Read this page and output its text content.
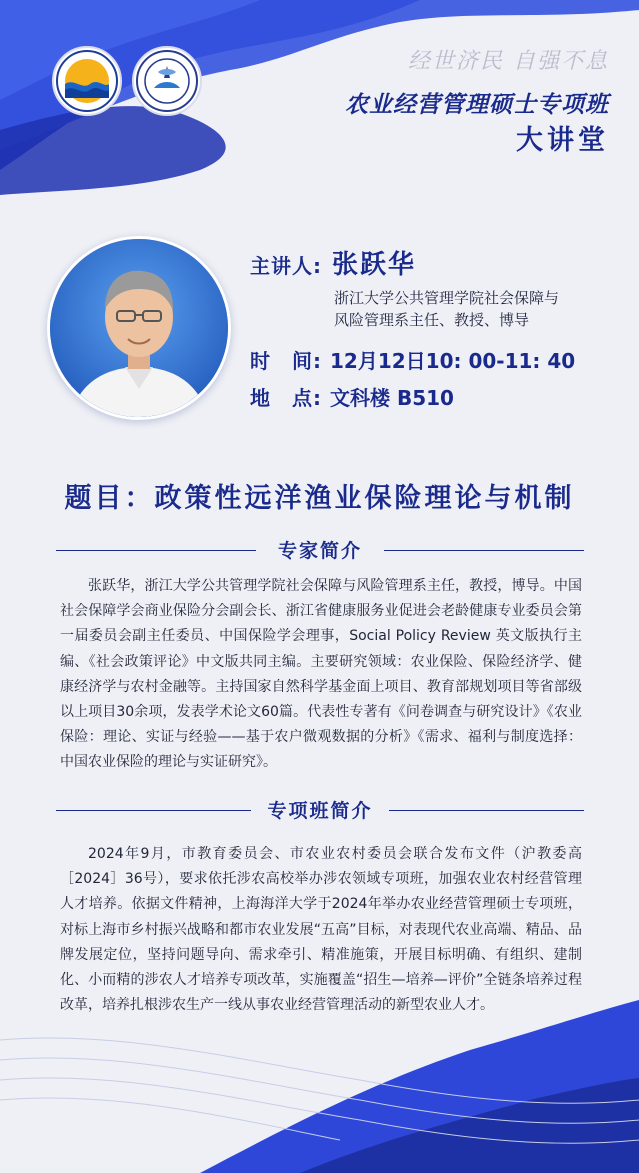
经世济民 自强不息
农业经营管理硕士专项班
大讲堂
主讲人: 张跃华
浙江大学公共管理学院社会保障与
风险管理系主任、教授、博导
时　间: 12月12日10: 00-11: 40
地　点: 文科楼 B510
题目：政策性远洋渔业保险理论与机制
专家简介
张跃华，浙江大学公共管理学院社会保障与风险管理系主任，教授，博导。中国社会保障学会商业保险分会副会长、浙江省健康服务业促进会老龄健康专业委员会第一届委员会副主任委员、中国保险学会理事，Social Policy Review 英文版执行主编、《社会政策评论》中文版共同主编。主要研究领域：农业保险、保险经济学、健康经济学与农村金融等。主持国家自然科学基金面上项目、教育部规划项目等省部级以上项目30余项，发表学术论文60篇。代表性专著有《问卷调查与研究设计》《农业保险：理论、实证与经验——基于农户微观数据的分析》《需求、福利与制度选择：中国农业保险的理论与实证研究》。
专项班简介
2024年9月，市教育委员会、市农业农村委员会联合发布文件（沪教委高［2024］36号），要求依托涉农高校举办涉农领域专项班，加强农业农村经营管理人才培养。依据文件精神，上海海洋大学于2024年举办农业经营管理硕士专项班，对标上海市乡村振兴战略和都市农业发展“五高”目标，对表现代农业高端、精品、品牌发展定位，坚持问题导向、需求牵引、精准施策，开展目标明确、有组织、建制化、小而精的涉农人才培养专项改革，实施覆盖“招生—培养—评价”全链条培养过程改革，培养扎根涉农生产一线从事农业经营管理活动的新型农业人才。
